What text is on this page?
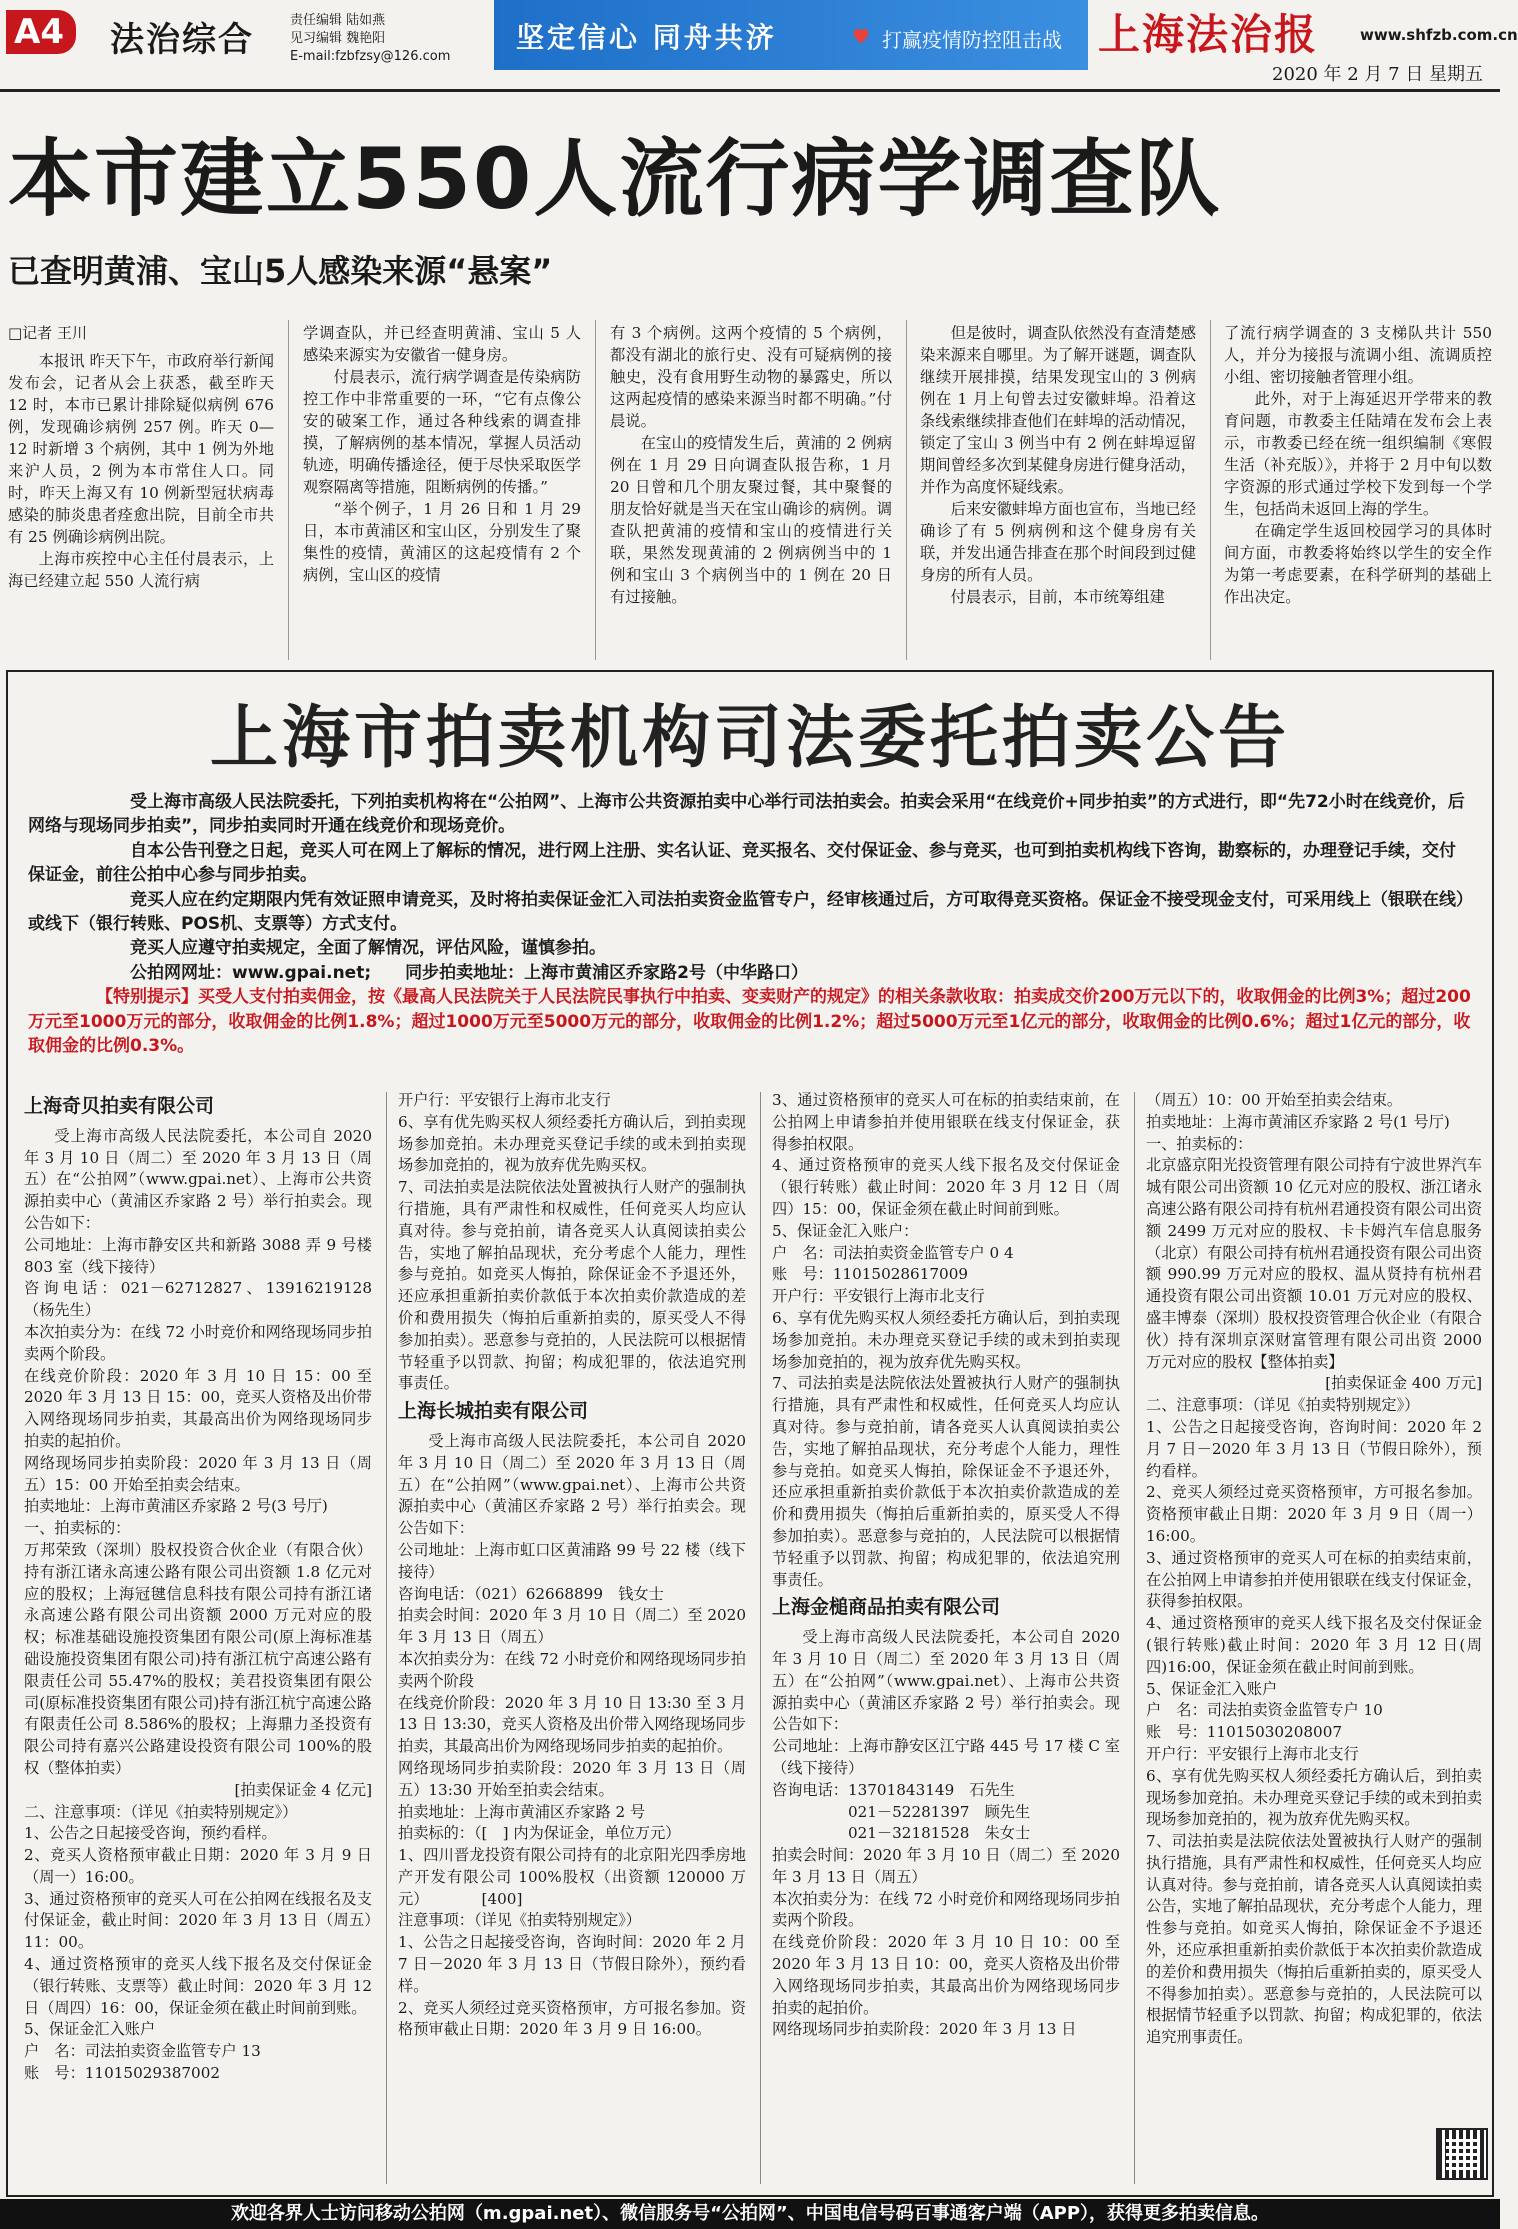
A4	法治综合	责任编辑 陆如燕
见习编辑 魏艳阳
E-mail:fzbfzsy@126.com
坚定信心 同舟共济	打赢疫情防控阻击战 上海法治报	www.shfzb.com.cn
2020 年 2 月 7 日 星期五
本市建立550人流行病学调查队
已查明黄浦、宝山5人感染来源“悬案”
□记者 王川

本报讯 昨天下午，市政府举行新闻发布会，记者从会上获悉，截至昨天 12 时，本市已累计排除疑似病例 676 例，发现确诊病例 257 例。昨天 0—12 时新增 3 个病例，其中 1 例为外地来沪人员，2 例为本市常住人口。同时，昨天上海又有 10 例新型冠状病毒感染的肺炎患者痊愈出院，目前全市共有 25 例确诊病例出院。

上海市疾控中心主任付晨表示，上海已经建立起 550 人流行病

学调查队，并已经查明黄浦、宝山 5 人感染来源实为安徽省一健身房。

付晨表示，流行病学调查是传染病防控工作中非常重要的一环，“它有点像公安的破案工作，通过各种线索的调查排摸，了解病例的基本情况，掌握人员活动轨迹，明确传播途径，便于尽快采取医学观察隔离等措施，阻断病例的传播。”

“举个例子，1 月 26 日和 1 月 29 日，本市黄浦区和宝山区，分别发生了聚集性的疫情，黄浦区的这起疫情有 2 个病例，宝山区的疫情

有 3 个病例。这两个疫情的 5 个病例，都没有湖北的旅行史、没有可疑病例的接触史，没有食用野生动物的暴露史，所以这两起疫情的感染来源当时都不明确。”付晨说。

在宝山的疫情发生后，黄浦的 2 例病例在 1 月 29 日向调查队报告称，1 月 20 日曾和几个朋友聚过餐，其中聚餐的朋友恰好就是当天在宝山确诊的病例。调查队把黄浦的疫情和宝山的疫情进行关联，果然发现黄浦的 2 例病例当中的 1 例和宝山 3 个病例当中的 1 例在 20 日有过接触。

但是彼时，调查队依然没有查清楚感染来源来自哪里。为了解开谜题，调查队继续开展排摸，结果发现宝山的 3 例病例在 1 月上旬曾去过安徽蚌埠。沿着这条线索继续排查他们在蚌埠的活动情况，锁定了宝山 3 例当中有 2 例在蚌埠逗留期间曾经多次到某健身房进行健身活动，并作为高度怀疑线索。

后来安徽蚌埠方面也宣布，当地已经确诊了有 5 例病例和这个健身房有关联，并发出通告排查在那个时间段到过健身房的所有人员。

付晨表示，目前，本市统筹组建

了流行病学调查的 3 支梯队共计 550 人，并分为接报与流调小组、流调质控小组、密切接触者管理小组。

此外，对于上海延迟开学带来的教育问题，市教委主任陆靖在发布会上表示，市教委已经在统一组织编制《寒假生活（补充版）》，并将于 2 月中旬以数字资源的形式通过学校下发到每一个学生，包括尚未返回上海的学生。

在确定学生返回校园学习的具体时间方面，市教委将始终以学生的安全作为第一考虑要素，在科学研判的基础上作出决定。

上海市拍卖机构司法委托拍卖公告

受上海市高级人民法院委托，下列拍卖机构将在“公拍网”、上海市公共资源拍卖中心举行司法拍卖会。拍卖会采用“在线竞价+同步拍卖”的方式进行，即“先72小时在线竞价，后网络与现场同步拍卖”，同步拍卖同时开通在线竞价和现场竞价。

自本公告刊登之日起，竞买人可在网上了解标的情况，进行网上注册、实名认证、竞买报名、交付保证金、参与竞买，也可到拍卖机构线下咨询，勘察标的，办理登记手续，交付保证金，前往公拍中心参与同步拍卖。

竞买人应在约定期限内凭有效证照申请竞买，及时将拍卖保证金汇入司法拍卖资金监管专户，经审核通过后，方可取得竞买资格。保证金不接受现金支付，可采用线上（银联在线）或线下（银行转账、POS机、支票等）方式支付。

竞买人应遵守拍卖规定，全面了解情况，评估风险，谨慎参拍。

公拍网网址：www.gpai.net;　　同步拍卖地址：上海市黄浦区乔家路2号（中华路口）

【特别提示】买受人支付拍卖佣金，按《最高人民法院关于人民法院民事执行中拍卖、变卖财产的规定》的相关条款收取：拍卖成交价200万元以下的，收取佣金的比例3%；超过200万元至1000万元的部分，收取佣金的比例1.8%；超过1000万元至5000万元的部分，收取佣金的比例1.2%；超过5000万元至1亿元的部分，收取佣金的比例0.6%；超过1亿元的部分，收取佣金的比例0.3%。

上海奇贝拍卖有限公司

受上海市高级人民法院委托，本公司自 2020 年 3 月 10 日（周二）至 2020 年 3 月 13 日（周五）在“公拍网”（www.gpai.net）、上海市公共资源拍卖中心（黄浦区乔家路 2 号）举行拍卖会。现公告如下：

公司地址：上海市静安区共和新路 3088 弄 9 号楼 803 室（线下接待）

咨询电话：021－62712827、13916219128（杨先生）

本次拍卖分为：在线 72 小时竞价和网络现场同步拍卖两个阶段。

在线竞价阶段：2020 年 3 月 10 日 15：00 至 2020 年 3 月 13 日 15：00，竞买人资格及出价带入网络现场同步拍卖，其最高出价为网络现场同步拍卖的起拍价。

网络现场同步拍卖阶段：2020 年 3 月 13 日（周五）15：00 开始至拍卖会结束。

拍卖地址：上海市黄浦区乔家路 2 号(3 号厅)

一、拍卖标的：

万邦荣致（深圳）股权投资合伙企业（有限合伙）持有浙江诸永高速公路有限公司出资额 1.8 亿元对应的股权；上海冠毽信息科技有限公司持有浙江诸永高速公路有限公司出资额 2000 万元对应的股权；标准基础设施投资集团有限公司(原上海标准基础设施投资集团有限公司)持有浙江杭宁高速公路有限责任公司 55.47%的股权；美君投资集团有限公司(原标准投资集团有限公司)持有浙江杭宁高速公路有限责任公司 8.586%的股权；上海鼎力圣投资有限公司持有嘉兴公路建设投资有限公司 100%的股权（整体拍卖）

[拍卖保证金 4 亿元]

二、注意事项：（详见《拍卖特别规定》）

1、公告之日起接受咨询，预约看样。

2、竞买人资格预审截止日期：2020 年 3 月 9 日（周一）16:00。

3、通过资格预审的竞买人可在公拍网在线报名及支付保证金，截止时间：2020 年 3 月 13 日（周五）11：00。

4、通过资格预审的竞买人线下报名及交付保证金（银行转账、支票等）截止时间：2020 年 3 月 12 日（周四）16：00，保证金须在截止时间前到账。

5、保证金汇入账户

户　名：司法拍卖资金监管专户 13

账　号：11015029387002

开户行：平安银行上海市北支行

6、享有优先购买权人须经委托方确认后，到拍卖现场参加竞拍。未办理竞买登记手续的或未到拍卖现场参加竞拍的，视为放弃优先购买权。

7、司法拍卖是法院依法处置被执行人财产的强制执行措施，具有严肃性和权威性，任何竞买人均应认真对待。参与竞拍前，请各竞买人认真阅读拍卖公告，实地了解拍品现状，充分考虑个人能力，理性参与竞拍。如竞买人悔拍，除保证金不予退还外，还应承担重新拍卖价款低于本次拍卖价款造成的差价和费用损失（悔拍后重新拍卖的，原买受人不得参加拍卖）。恶意参与竞拍的，人民法院可以根据情节轻重予以罚款、拘留；构成犯罪的，依法追究刑事责任。

上海长城拍卖有限公司

受上海市高级人民法院委托，本公司自 2020 年 3 月 10 日（周二）至 2020 年 3 月 13 日（周五）在“公拍网”（www.gpai.net）、上海市公共资源拍卖中心（黄浦区乔家路 2 号）举行拍卖会。现公告如下：

公司地址：上海市虹口区黄浦路 99 号 22 楼（线下接待）

咨询电话：（021）62668899　钱女士

拍卖会时间：2020 年 3 月 10 日（周二）至 2020 年 3 月 13 日（周五）

本次拍卖分为：在线 72 小时竞价和网络现场同步拍卖两个阶段

在线竞价阶段：2020 年 3 月 10 日 13:30 至 3 月 13 日 13:30，竞买人资格及出价带入网络现场同步拍卖，其最高出价为网络现场同步拍卖的起拍价。

网络现场同步拍卖阶段：2020 年 3 月 13 日（周五）13:30 开始至拍卖会结束。

拍卖地址：上海市黄浦区乔家路 2 号

拍卖标的：（[　] 内为保证金，单位万元）

1、四川晋龙投资有限公司持有的北京阳光四季房地产开发有限公司 100%股权（出资额 120000 万元）　　　　[400]

注意事项：（详见《拍卖特别规定》）

1、公告之日起接受咨询，咨询时间：2020 年 2 月 7 日－2020 年 3 月 13 日（节假日除外），预约看样。

2、竞买人须经过竞买资格预审，方可报名参加。资格预审截止日期：2020 年 3 月 9 日 16:00。

3、通过资格预审的竞买人可在标的拍卖结束前，在公拍网上申请参拍并使用银联在线支付保证金，获得参拍权限。

4、通过资格预审的竞买人线下报名及交付保证金（银行转账）截止时间：2020 年 3 月 12 日（周四）15：00，保证金须在截止时间前到账。

5、保证金汇入账户：

户　名：司法拍卖资金监管专户 0 4

账　号：11015028617009

开户行：平安银行上海市北支行

6、享有优先购买权人须经委托方确认后，到拍卖现场参加竞拍。未办理竞买登记手续的或未到拍卖现场参加竞拍的，视为放弃优先购买权。

7、司法拍卖是法院依法处置被执行人财产的强制执行措施，具有严肃性和权威性，任何竞买人均应认真对待。参与竞拍前，请各竞买人认真阅读拍卖公告，实地了解拍品现状，充分考虑个人能力，理性参与竞拍。如竞买人悔拍，除保证金不予退还外，还应承担重新拍卖价款低于本次拍卖价款造成的差价和费用损失（悔拍后重新拍卖的，原买受人不得参加拍卖）。恶意参与竞拍的，人民法院可以根据情节轻重予以罚款、拘留；构成犯罪的，依法追究刑事责任。

上海金槌商品拍卖有限公司

受上海市高级人民法院委托，本公司自 2020 年 3 月 10 日（周二）至 2020 年 3 月 13 日（周五）在“公拍网”（www.gpai.net）、上海市公共资源拍卖中心（黄浦区乔家路 2 号）举行拍卖会。现公告如下：

公司地址：上海市静安区江宁路 445 号 17 楼 C 室（线下接待）

咨询电话：13701843149　石先生

　　　　　021－52281397　顾先生

　　　　　021－32181528　朱女士

拍卖会时间：2020 年 3 月 10 日（周二）至 2020 年 3 月 13 日（周五）

本次拍卖分为：在线 72 小时竞价和网络现场同步拍卖两个阶段。

在线竞价阶段：2020 年 3 月 10 日 10：00 至 2020 年 3 月 13 日 10：00，竞买人资格及出价带入网络现场同步拍卖，其最高出价为网络现场同步拍卖的起拍价。

网络现场同步拍卖阶段：2020 年 3 月 13 日

（周五）10：00 开始至拍卖会结束。

拍卖地址：上海市黄浦区乔家路 2 号(1 号厅)

一、拍卖标的：

北京盛京阳光投资管理有限公司持有宁波世界汽车城有限公司出资额 10 亿元对应的股权、浙江诸永高速公路有限公司持有杭州君通投资有限公司出资额 2499 万元对应的股权、卡卡姆汽车信息服务（北京）有限公司持有杭州君通投资有限公司出资额 990.99 万元对应的股权、温从贤持有杭州君通投资有限公司出资额 10.01 万元对应的股权、盛丰博泰（深圳）股权投资管理合伙企业（有限合伙）持有深圳京深财富管理有限公司出资 2000 万元对应的股权【整体拍卖】

[拍卖保证金 400 万元]

二、注意事项：（详见《拍卖特别规定》）

1、公告之日起接受咨询，咨询时间：2020 年 2 月 7 日－2020 年 3 月 13 日（节假日除外），预约看样。

2、竞买人须经过竞买资格预审，方可报名参加。资格预审截止日期：2020 年 3 月 9 日（周一）16:00。

3、通过资格预审的竞买人可在标的拍卖结束前，在公拍网上申请参拍并使用银联在线支付保证金，获得参拍权限。

4、通过资格预审的竞买人线下报名及交付保证金(银行转账)截止时间：2020 年 3 月 12 日(周四)16:00，保证金须在截止时间前到账。

5、保证金汇入账户

户　名：司法拍卖资金监管专户 10

账　号：11015030208007

开户行：平安银行上海市北支行

6、享有优先购买权人须经委托方确认后，到拍卖现场参加竞拍。未办理竞买登记手续的或未到拍卖现场参加竞拍的，视为放弃优先购买权。

7、司法拍卖是法院依法处置被执行人财产的强制执行措施，具有严肃性和权威性，任何竞买人均应认真对待。参与竞拍前，请各竞买人认真阅读拍卖公告，实地了解拍品现状，充分考虑个人能力，理性参与竞拍。如竞买人悔拍，除保证金不予退还外，还应承担重新拍卖价款低于本次拍卖价款造成的差价和费用损失（悔拍后重新拍卖的，原买受人不得参加拍卖）。恶意参与竞拍的，人民法院可以根据情节轻重予以罚款、拘留；构成犯罪的，依法追究刑事责任。

欢迎各界人士访问移动公拍网（m.gpai.net）、微信服务号“公拍网”、中国电信号码百事通客户端（APP），获得更多拍卖信息。
